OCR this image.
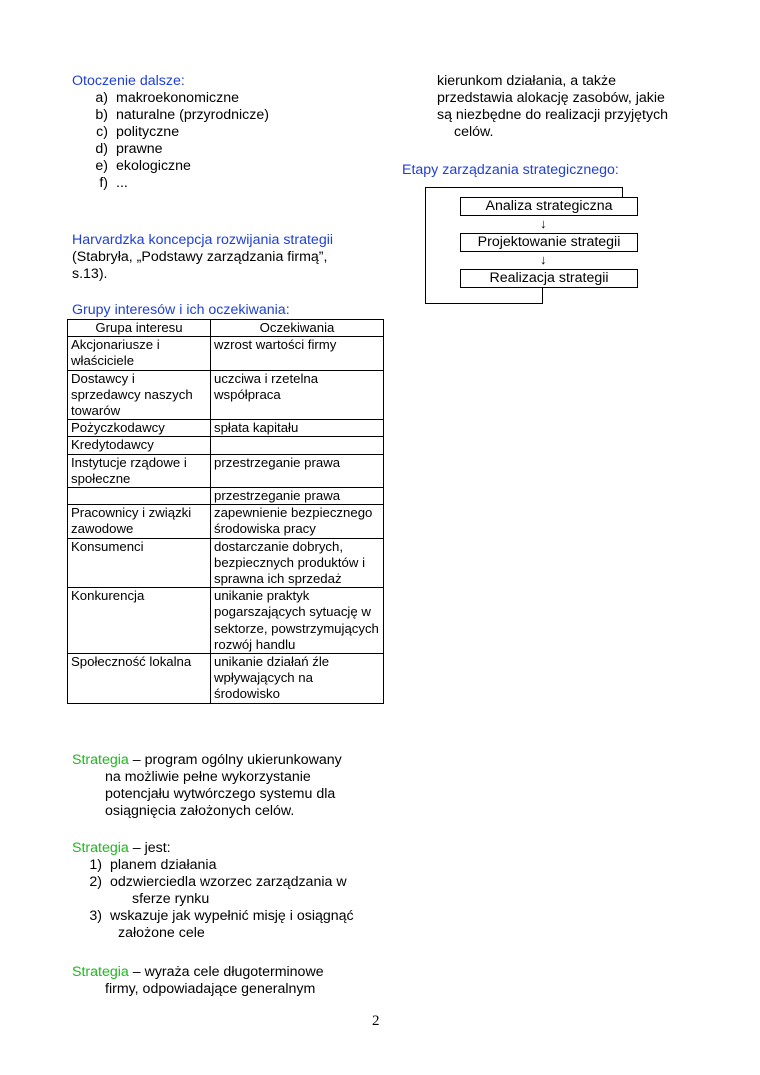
Otoczenie dalsze:
a) makroekonomiczne
b) naturalne (przyrodnicze)
c) polityczne
d) prawne
e) ekologiczne
f) ...
Harvardzka koncepcja rozwijania strategii
(Stabryła, „Podstawy zarządzania firmą”, s.13).
Grupy interesów i ich oczekiwania:
Grupa interesu	Oczekiwania
Akcjonariusze i właściciele	wzrost wartości firmy
Dostawcy i sprzedawcy naszych towarów	uczciwa i rzetelna współpraca
Pożyczkodawcy	spłata kapitału
Kredytodawcy	
Instytucje rządowe i społeczne	przestrzeganie prawa
	przestrzeganie prawa
Pracownicy i związki zawodowe	zapewnienie bezpiecznego środowiska pracy
Konsumenci	dostarczanie dobrych, bezpiecznych produktów i sprawna ich sprzedaż
Konkurencja	unikanie praktyk pogarszających sytuację w sektorze, powstrzymujących rozwój handlu
Społeczność lokalna	unikanie działań źle wpływających na środowisko
Strategia – program ogólny ukierunkowany
na możliwie pełne wykorzystanie
potencjału wytwórczego systemu dla
osiągnięcia założonych celów.
Strategia – jest:
1) planem działania
2) odzwierciedla wzorzec zarządzania w
sferze rynku
3) wskazuje jak wypełnić misję i osiągnąć
założone cele
Strategia – wyraża cele długoterminowe
firmy, odpowiadające generalnym
kierunkom działania, a także
przedstawia alokację zasobów, jakie
są niezbędne do realizacji przyjętych
celów.
Etapy zarządzania strategicznego:
Analiza strategiczna
↓
Projektowanie strategii
↓
Realizacja strategii
2
